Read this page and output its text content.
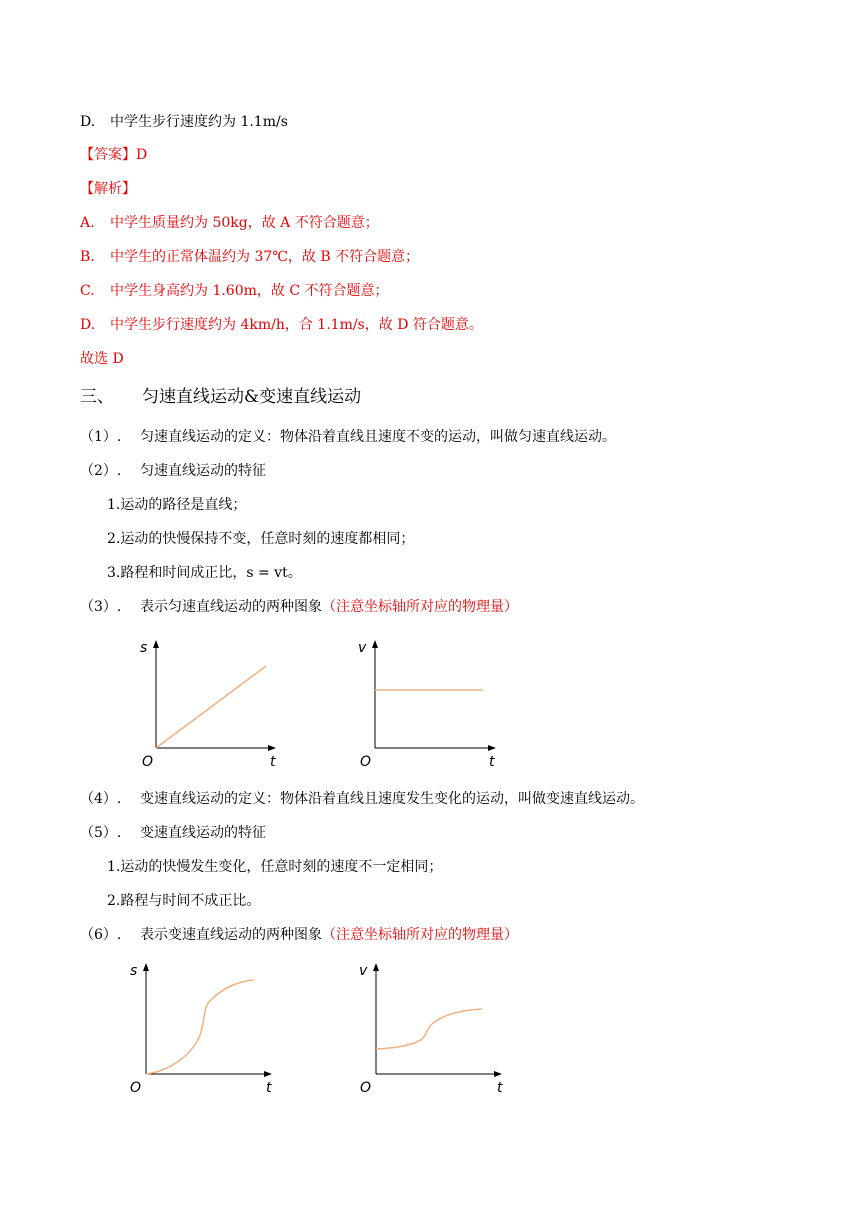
D. 中学生步行速度约为 1.1m/s
【答案】D
【解析】
A. 中学生质量约为 50kg，故 A 不符合题意；
B. 中学生的正常体温约为 37℃，故 B 不符合题意；
C. 中学生身高约为 1.60m，故 C 不符合题意；
D. 中学生步行速度约为 4km/h，合 1.1m/s，故 D 符合题意。
故选 D
三、 匀速直线运动&变速直线运动
（1）. 匀速直线运动的定义：物体沿着直线且速度不变的运动，叫做匀速直线运动。
（2）. 匀速直线运动的特征
1.运动的路径是直线；
2.运动的快慢保持不变，任意时刻的速度都相同；
3.路程和时间成正比，s = vt。
（3）. 表示匀速直线运动的两种图象（注意坐标轴所对应的物理量）
s
O	t
v
O	t
（4）. 变速直线运动的定义：物体沿着直线且速度发生变化的运动，叫做变速直线运动。
（5）. 变速直线运动的特征
1.运动的快慢发生变化，任意时刻的速度不一定相同；
2.路程与时间不成正比。
（6）. 表示变速直线运动的两种图象（注意坐标轴所对应的物理量）
s
O	t
v
O	t
